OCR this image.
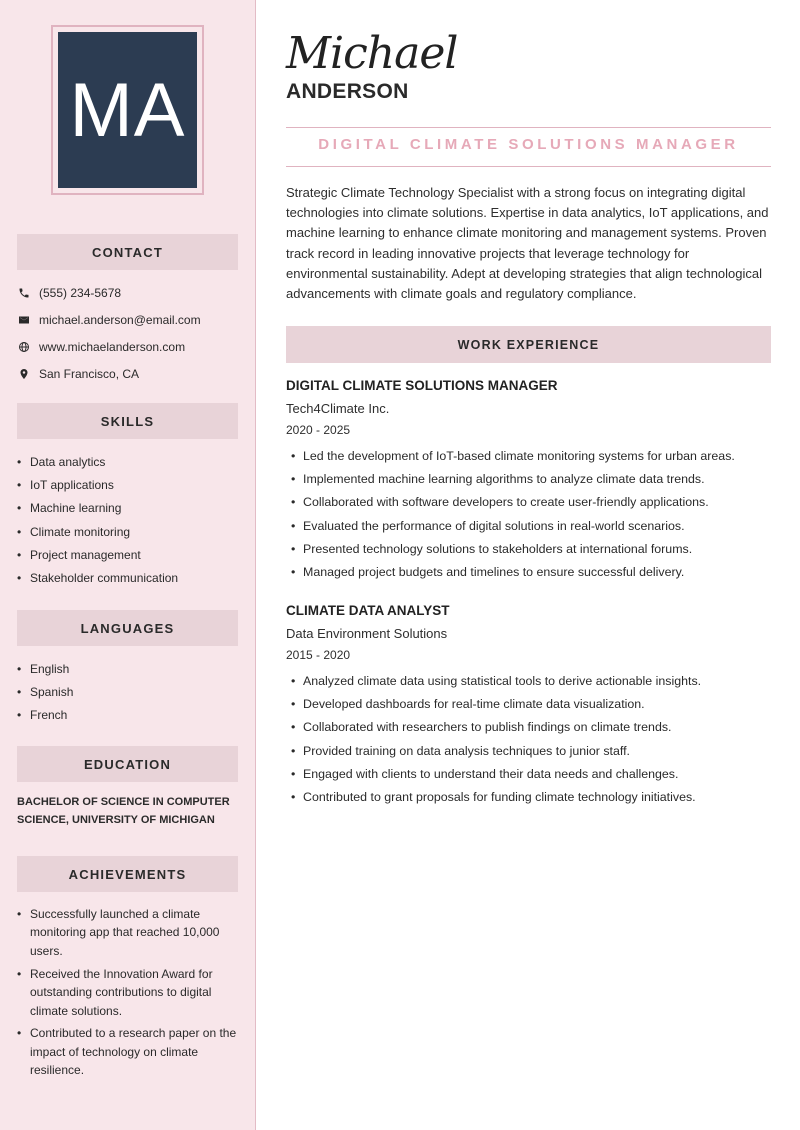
MA
CONTACT
(555) 234-5678
michael.anderson@email.com
www.michaelanderson.com
San Francisco, CA
SKILLS
• Data analytics
• IoT applications
• Machine learning
• Climate monitoring
• Project management
• Stakeholder communication
LANGUAGES
• English
• Spanish
• French
EDUCATION
BACHELOR OF SCIENCE IN COMPUTER SCIENCE, UNIVERSITY OF MICHIGAN
ACHIEVEMENTS
• Successfully launched a climate monitoring app that reached 10,000 users.
• Received the Innovation Award for outstanding contributions to digital climate solutions.
• Contributed to a research paper on the impact of technology on climate resilience.
Michael
ANDERSON
DIGITAL CLIMATE SOLUTIONS MANAGER

Strategic Climate Technology Specialist with a strong focus on integrating digital technologies into climate solutions. Expertise in data analytics, IoT applications, and machine learning to enhance climate monitoring and management systems. Proven track record in leading innovative projects that leverage technology for environmental sustainability. Adept at developing strategies that align technological advancements with climate goals and regulatory compliance.

WORK EXPERIENCE
DIGITAL CLIMATE SOLUTIONS MANAGER
Tech4Climate Inc.
2020 - 2025
• Led the development of IoT-based climate monitoring systems for urban areas.
• Implemented machine learning algorithms to analyze climate data trends.
• Collaborated with software developers to create user-friendly applications.
• Evaluated the performance of digital solutions in real-world scenarios.
• Presented technology solutions to stakeholders at international forums.
• Managed project budgets and timelines to ensure successful delivery.
CLIMATE DATA ANALYST
Data Environment Solutions
2015 - 2020
• Analyzed climate data using statistical tools to derive actionable insights.
• Developed dashboards for real-time climate data visualization.
• Collaborated with researchers to publish findings on climate trends.
• Provided training on data analysis techniques to junior staff.
• Engaged with clients to understand their data needs and challenges.
• Contributed to grant proposals for funding climate technology initiatives.
